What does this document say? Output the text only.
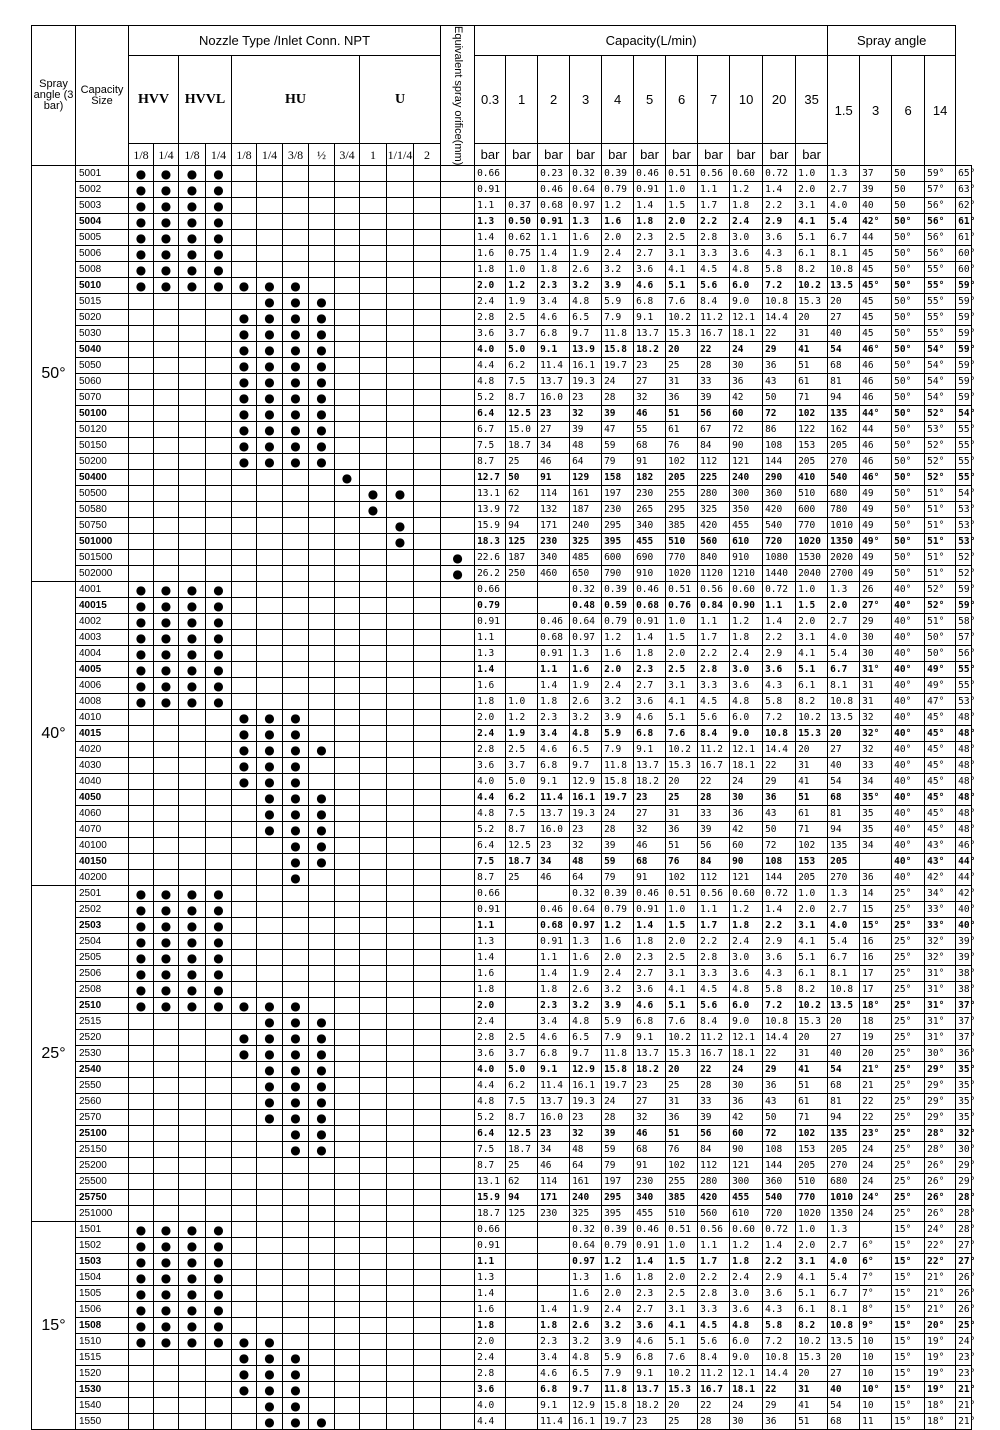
Spray angle (3 bar)	Capacity Size	Nozzle Type /Inlet Conn. NPT												Equivalent spray orifice(mm)	Capacity(L/min)											Spray angle				
		HVV		HVVL		HU					U				0.3	1	2	3	4	5	6	7	10	20	35	1.5	3	6	14	
		1/8	1/4	1/8	1/4	1/8	1/4	3/8	½	3/4	1	1/1/4	2		bar	bar	bar	bar	bar	bar	bar	bar	bar	bar	bar					
50°	5001	●	●	●	●										0.66		0.23	0.32	0.39	0.46	0.51	0.56	0.60	0.72	1.0	1.3	37	50	59°	65°
	5002	●	●	●	●										0.91		0.46	0.64	0.79	0.91	1.0	1.1	1.2	1.4	2.0	2.7	39	50	57°	63°
	5003	●	●	●	●										1.1	0.37	0.68	0.97	1.2	1.4	1.5	1.7	1.8	2.2	3.1	4.0	40	50	56°	62°
	5004	●	●	●	●										1.3	0.50	0.91	1.3	1.6	1.8	2.0	2.2	2.4	2.9	4.1	5.4	42°	50°	56°	61°
	5005	●	●	●	●										1.4	0.62	1.1	1.6	2.0	2.3	2.5	2.8	3.0	3.6	5.1	6.7	44	50°	56°	61°
	5006	●	●	●	●										1.6	0.75	1.4	1.9	2.4	2.7	3.1	3.3	3.6	4.3	6.1	8.1	45	50°	56°	60°
	5008	●	●	●	●										1.8	1.0	1.8	2.6	3.2	3.6	4.1	4.5	4.8	5.8	8.2	10.8	45	50°	55°	60°
	5010	●	●	●	●	●	●	●							2.0	1.2	2.3	3.2	3.9	4.6	5.1	5.6	6.0	7.2	10.2	13.5	45°	50°	55°	59°
	5015						●	●	●						2.4	1.9	3.4	4.8	5.9	6.8	7.6	8.4	9.0	10.8	15.3	20	45	50°	55°	59°
	5020					●	●	●	●						2.8	2.5	4.6	6.5	7.9	9.1	10.2	11.2	12.1	14.4	20	27	45	50°	55°	59°
	5030					●	●	●	●						3.6	3.7	6.8	9.7	11.8	13.7	15.3	16.7	18.1	22	31	40	45	50°	55°	59°
	5040					●	●	●	●						4.0	5.0	9.1	13.9	15.8	18.2	20	22	24	29	41	54	46°	50°	54°	59°
	5050					●	●	●	●						4.4	6.2	11.4	16.1	19.7	23	25	28	30	36	51	68	46	50°	54°	59°
	5060					●	●	●	●						4.8	7.5	13.7	19.3	24	27	31	33	36	43	61	81	46	50°	54°	59°
	5070					●	●	●	●						5.2	8.7	16.0	23	28	32	36	39	42	50	71	94	46	50°	54°	59°
	50100					●	●	●	●						6.4	12.5	23	32	39	46	51	56	60	72	102	135	44°	50°	52°	54°
	50120					●	●	●	●						6.7	15.0	27	39	47	55	61	67	72	86	122	162	44	50°	53°	55°
	50150					●	●	●	●						7.5	18.7	34	48	59	68	76	84	90	108	153	205	46	50°	52°	55°
	50200					●	●	●	●						8.7	25	46	64	79	91	102	112	121	144	205	270	46	50°	52°	55°
	50400									●					12.7	50	91	129	158	182	205	225	240	290	410	540	46°	50°	52°	55°
	50500										●	●			13.1	62	114	161	197	230	255	280	300	360	510	680	49	50°	51°	54°
	50580										●				13.9	72	132	187	230	265	295	325	350	420	600	780	49	50°	51°	53°
	50750											●			15.9	94	171	240	295	340	385	420	455	540	770	1010	49	50°	51°	53°
	501000											●			18.3	125	230	325	395	455	510	560	610	720	1020	1350	49°	50°	51°	53°
	501500													●	22.6	187	340	485	600	690	770	840	910	1080	1530	2020	49	50°	51°	52°
	502000													●	26.2	250	460	650	790	910	1020	1120	1210	1440	2040	2700	49	50°	51°	52°
40°	4001	●	●	●	●										0.66			0.32	0.39	0.46	0.51	0.56	0.60	0.72	1.0	1.3	26	40°	52°	59°
	40015	●	●	●	●										0.79			0.48	0.59	0.68	0.76	0.84	0.90	1.1	1.5	2.0	27°	40°	52°	59°
	4002	●	●	●	●										0.91		0.46	0.64	0.79	0.91	1.0	1.1	1.2	1.4	2.0	2.7	29	40°	51°	58°
	4003	●	●	●	●										1.1		0.68	0.97	1.2	1.4	1.5	1.7	1.8	2.2	3.1	4.0	30	40°	50°	57°
	4004	●	●	●	●										1.3		0.91	1.3	1.6	1.8	2.0	2.2	2.4	2.9	4.1	5.4	30	40°	50°	56°
	4005	●	●	●	●										1.4		1.1	1.6	2.0	2.3	2.5	2.8	3.0	3.6	5.1	6.7	31°	40°	49°	55°
	4006	●	●	●	●										1.6		1.4	1.9	2.4	2.7	3.1	3.3	3.6	4.3	6.1	8.1	31	40°	49°	55°
	4008	●	●	●	●										1.8	1.0	1.8	2.6	3.2	3.6	4.1	4.5	4.8	5.8	8.2	10.8	31	40°	47°	53°
	4010					●	●	●							2.0	1.2	2.3	3.2	3.9	4.6	5.1	5.6	6.0	7.2	10.2	13.5	32	40°	45°	48°
	4015					●	●	●							2.4	1.9	3.4	4.8	5.9	6.8	7.6	8.4	9.0	10.8	15.3	20	32°	40°	45°	48°
	4020					●	●	●	●						2.8	2.5	4.6	6.5	7.9	9.1	10.2	11.2	12.1	14.4	20	27	32	40°	45°	48°
	4030					●	●	●							3.6	3.7	6.8	9.7	11.8	13.7	15.3	16.7	18.1	22	31	40	33	40°	45°	48°
	4040					●	●	●							4.0	5.0	9.1	12.9	15.8	18.2	20	22	24	29	41	54	34	40°	45°	48°
	4050						●	●	●						4.4	6.2	11.4	16.1	19.7	23	25	28	30	36	51	68	35°	40°	45°	48°
	4060						●	●	●						4.8	7.5	13.7	19.3	24	27	31	33	36	43	61	81	35	40°	45°	48°
	4070						●	●	●						5.2	8.7	16.0	23	28	32	36	39	42	50	71	94	35	40°	45°	48°
	40100							●	●						6.4	12.5	23	32	39	46	51	56	60	72	102	135	34	40°	43°	46°
	40150							●	●						7.5	18.7	34	48	59	68	76	84	90	108	153	205		40°	43°	44°
	40200							●							8.7	25	46	64	79	91	102	112	121	144	205	270	36	40°	42°	44°
25°	2501	●	●	●	●										0.66			0.32	0.39	0.46	0.51	0.56	0.60	0.72	1.0	1.3	14	25°	34°	42°
	2502	●	●	●	●										0.91		0.46	0.64	0.79	0.91	1.0	1.1	1.2	1.4	2.0	2.7	15	25°	33°	40°
	2503	●	●	●	●										1.1		0.68	0.97	1.2	1.4	1.5	1.7	1.8	2.2	3.1	4.0	15°	25°	33°	40°
	2504	●	●	●	●										1.3		0.91	1.3	1.6	1.8	2.0	2.2	2.4	2.9	4.1	5.4	16	25°	32°	39°
	2505	●	●	●	●										1.4		1.1	1.6	2.0	2.3	2.5	2.8	3.0	3.6	5.1	6.7	16	25°	32°	39°
	2506	●	●	●	●										1.6		1.4	1.9	2.4	2.7	3.1	3.3	3.6	4.3	6.1	8.1	17	25°	31°	38°
	2508	●	●	●	●										1.8		1.8	2.6	3.2	3.6	4.1	4.5	4.8	5.8	8.2	10.8	17	25°	31°	38°
	2510	●	●	●	●	●	●	●							2.0		2.3	3.2	3.9	4.6	5.1	5.6	6.0	7.2	10.2	13.5	18°	25°	31°	37°
	2515						●	●	●						2.4		3.4	4.8	5.9	6.8	7.6	8.4	9.0	10.8	15.3	20	18	25°	31°	37°
	2520					●	●	●	●						2.8	2.5	4.6	6.5	7.9	9.1	10.2	11.2	12.1	14.4	20	27	19	25°	31°	37°
	2530					●	●	●	●						3.6	3.7	6.8	9.7	11.8	13.7	15.3	16.7	18.1	22	31	40	20	25°	30°	36°
	2540						●	●	●						4.0	5.0	9.1	12.9	15.8	18.2	20	22	24	29	41	54	21°	25°	29°	35°
	2550						●	●	●						4.4	6.2	11.4	16.1	19.7	23	25	28	30	36	51	68	21	25°	29°	35°
	2560						●	●	●						4.8	7.5	13.7	19.3	24	27	31	33	36	43	61	81	22	25°	29°	35°
	2570						●	●	●						5.2	8.7	16.0	23	28	32	36	39	42	50	71	94	22	25°	29°	35°
	25100							●	●						6.4	12.5	23	32	39	46	51	56	60	72	102	135	23°	25°	28°	32°
	25150							●	●						7.5	18.7	34	48	59	68	76	84	90	108	153	205	24	25°	28°	30°
	25200														8.7	25	46	64	79	91	102	112	121	144	205	270	24	25°	26°	29°
	25500														13.1	62	114	161	197	230	255	280	300	360	510	680	24	25°	26°	29°
	25750														15.9	94	171	240	295	340	385	420	455	540	770	1010	24°	25°	26°	28°
	251000														18.7	125	230	325	395	455	510	560	610	720	1020	1350	24	25°	26°	28°
15°	1501	●	●	●	●										0.66			0.32	0.39	0.46	0.51	0.56	0.60	0.72	1.0	1.3		15°	24°	28°
	1502	●	●	●	●										0.91			0.64	0.79	0.91	1.0	1.1	1.2	1.4	2.0	2.7	6°	15°	22°	27°
	1503	●	●	●	●										1.1			0.97	1.2	1.4	1.5	1.7	1.8	2.2	3.1	4.0	6°	15°	22°	27°
	1504	●	●	●	●										1.3			1.3	1.6	1.8	2.0	2.2	2.4	2.9	4.1	5.4	7°	15°	21°	26°
	1505	●	●	●	●										1.4			1.6	2.0	2.3	2.5	2.8	3.0	3.6	5.1	6.7	7°	15°	21°	26°
	1506	●	●	●	●										1.6		1.4	1.9	2.4	2.7	3.1	3.3	3.6	4.3	6.1	8.1	8°	15°	21°	26°
	1508	●	●	●	●										1.8		1.8	2.6	3.2	3.6	4.1	4.5	4.8	5.8	8.2	10.8	9°	15°	20°	25°
	1510	●	●	●	●	●	●								2.0		2.3	3.2	3.9	4.6	5.1	5.6	6.0	7.2	10.2	13.5	10	15°	19°	24°
	1515					●	●	●							2.4		3.4	4.8	5.9	6.8	7.6	8.4	9.0	10.8	15.3	20	10	15°	19°	23°
	1520					●	●	●							2.8		4.6	6.5	7.9	9.1	10.2	11.2	12.1	14.4	20	27	10	15°	19°	23°
	1530					●	●	●							3.6		6.8	9.7	11.8	13.7	15.3	16.7	18.1	22	31	40	10°	15°	19°	21°
	1540						●	●							4.0		9.1	12.9	15.8	18.2	20	22	24	29	41	54	10	15°	18°	21°
	1550						●	●	●						4.4		11.4	16.1	19.7	23	25	28	30	36	51	68	11	15°	18°	21°
